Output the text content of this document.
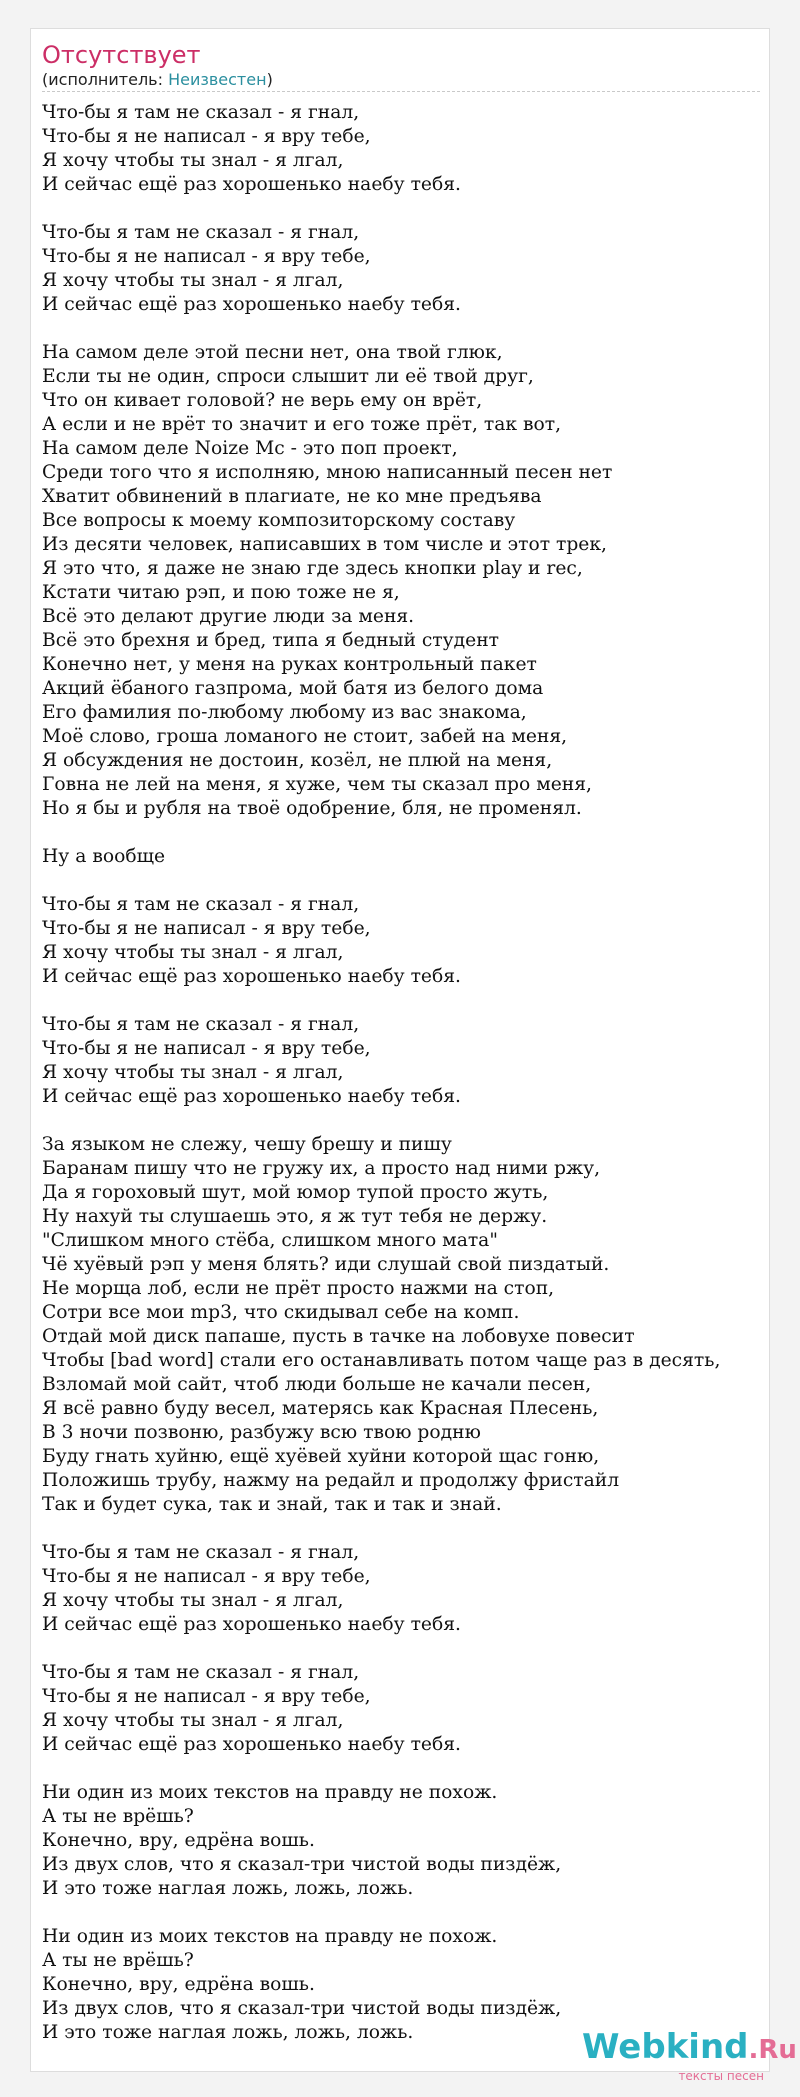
Отсутствует
(исполнитель: Неизвестен)
Что-бы я там не сказал - я гнал,
Что-бы я не написал - я вру тебе,
Я хочу чтобы ты знал - я лгал,
И сейчас ещё раз хорошенько наебу тебя.
Что-бы я там не сказал - я гнал,
Что-бы я не написал - я вру тебе,
Я хочу чтобы ты знал - я лгал,
И сейчас ещё раз хорошенько наебу тебя.
На самом деле этой песни нет, она твой глюк,
Если ты не один, спроси слышит ли её твой друг,
Что он кивает головой? не верь ему он врёт,
А если и не врёт то значит и его тоже прёт, так вот,
На самом деле Noize Mc - это поп проект,
Среди того что я исполняю, мною написанный песен нет
Хватит обвинений в плагиате, не ко мне предъява
Все вопросы к моему композиторскому составу
Из десяти человек, написавших в том числе и этот трек,
Я это что, я даже не знаю где здесь кнопки play и rec,
Кстати читаю рэп, и пою тоже не я,
Всё это делают другие люди за меня.
Всё это брехня и бред, типа я бедный студент
Конечно нет, у меня на руках контрольный пакет
Акций ёбаного газпрома, мой батя из белого дома
Его фамилия по-любому любому из вас знакома,
Моё слово, гроша ломаного не стоит, забей на меня,
Я обсуждения не достоин, козёл, не плюй на меня,
Говна не лей на меня, я хуже, чем ты сказал про меня,
Но я бы и рубля на твоё одобрение, бля, не променял.
Ну а вообще
Что-бы я там не сказал - я гнал,
Что-бы я не написал - я вру тебе,
Я хочу чтобы ты знал - я лгал,
И сейчас ещё раз хорошенько наебу тебя.
Что-бы я там не сказал - я гнал,
Что-бы я не написал - я вру тебе,
Я хочу чтобы ты знал - я лгал,
И сейчас ещё раз хорошенько наебу тебя.
За языком не слежу, чешу брешу и пишу
Баранам пишу что не гружу их, а просто над ними ржу,
Да я гороховый шут, мой юмор тупой просто жуть,
Ну нахуй ты слушаешь это, я ж тут тебя не держу.
"Слишком много стёба, слишком много мата"
Чё хуёвый рэп у меня блять? иди слушай свой пиздатый.
Не морща лоб, если не прёт просто нажми на стоп,
Сотри все мои mp3, что скидывал себе на комп.
Отдай мой диск папаше, пусть в тачке на лобовухе повесит
Чтобы [bad word] стали его останавливать потом чаще раз в десять,
Взломай мой сайт, чтоб люди больше не качали песен,
Я всё равно буду весел, матерясь как Красная Плесень,
В 3 ночи позвоню, разбужу всю твою родню
Буду гнать хуйню, ещё хуёвей хуйни которой щас гоню,
Положишь трубу, нажму на редайл и продолжу фристайл
Так и будет сука, так и знай, так и так и знай.
Что-бы я там не сказал - я гнал,
Что-бы я не написал - я вру тебе,
Я хочу чтобы ты знал - я лгал,
И сейчас ещё раз хорошенько наебу тебя.
Что-бы я там не сказал - я гнал,
Что-бы я не написал - я вру тебе,
Я хочу чтобы ты знал - я лгал,
И сейчас ещё раз хорошенько наебу тебя.
Ни один из моих текстов на правду не похож.
А ты не врёшь?
Конечно, вру, едрёна вошь.
Из двух слов, что я сказал-три чистой воды пиздёж,
И это тоже наглая ложь, ложь, ложь.
Ни один из моих текстов на правду не похож.
А ты не врёшь?
Конечно, вру, едрёна вошь.
Из двух слов, что я сказал-три чистой воды пиздёж,
И это тоже наглая ложь, ложь, ложь.	Webkind.Ru
тексты песен
